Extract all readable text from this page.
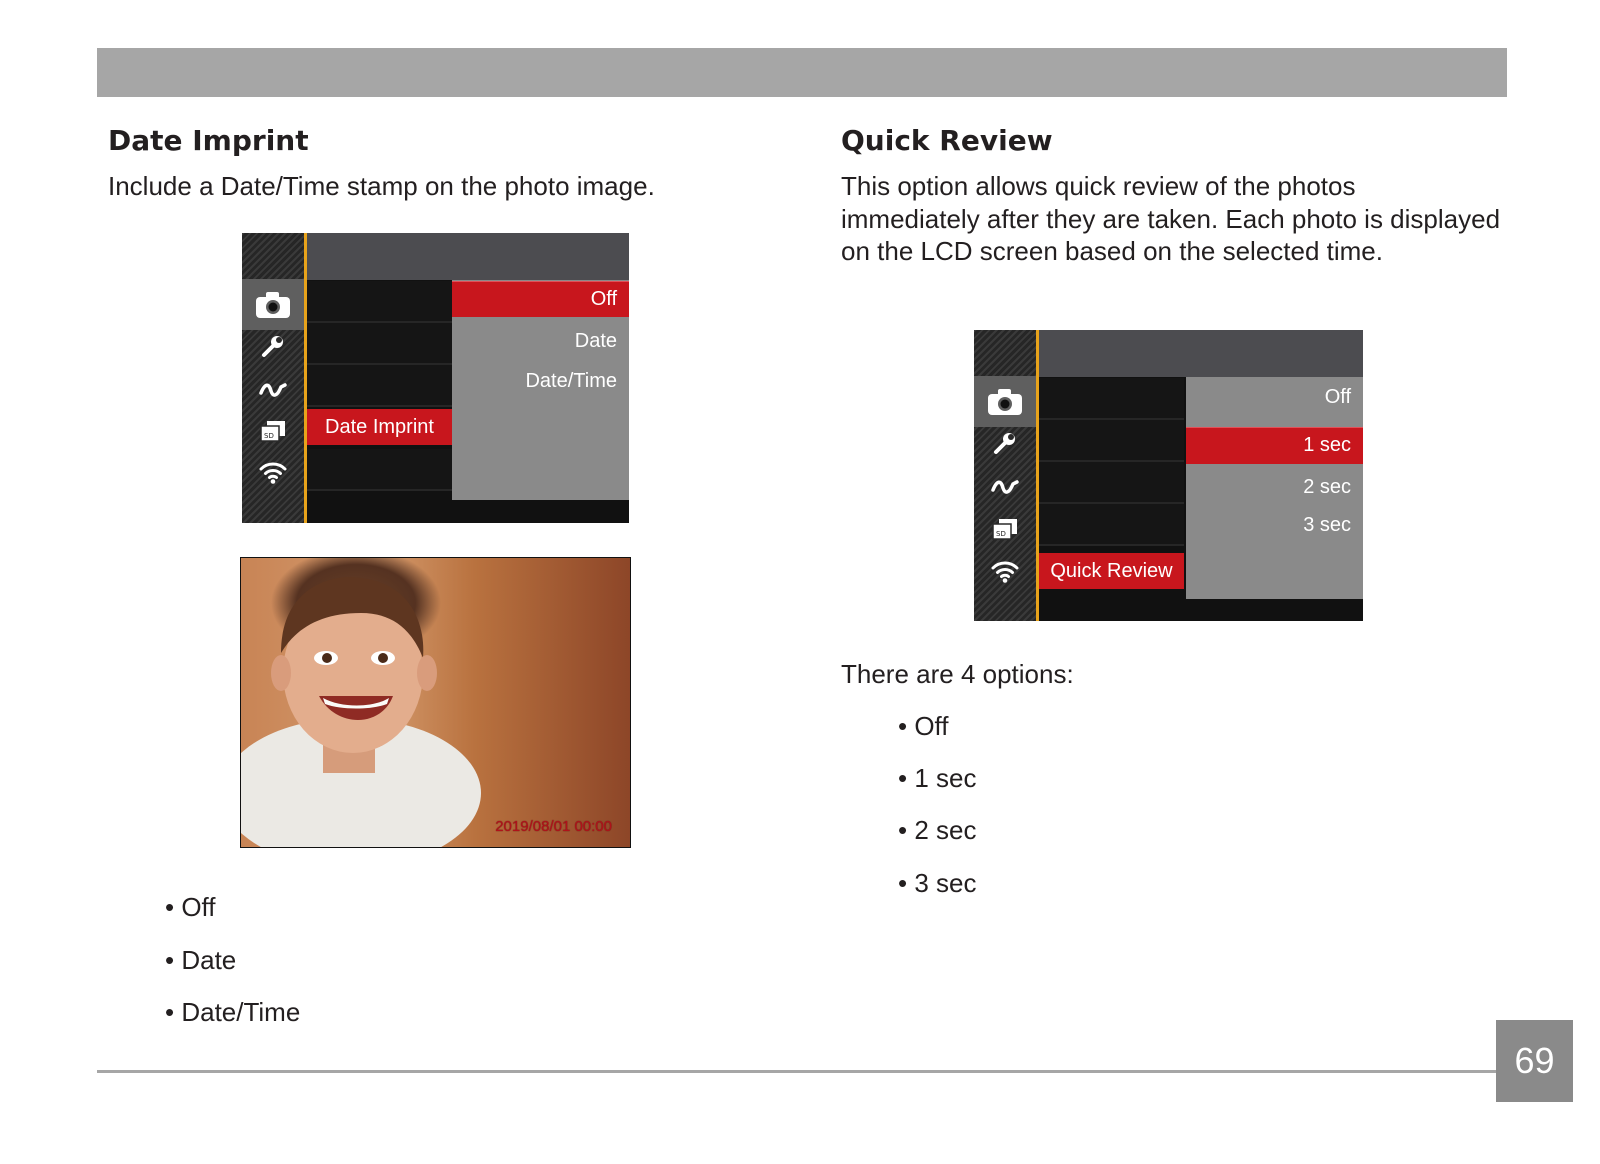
Date Imprint

Include a Date/Time stamp on the photo image.

SD	Date Imprint
Off
Date
Date/Time
2019/08/01 00:00
• Off
• Date
• Date/Time
Quick Review

This option allows quick review of the photos immediately after they are taken. Each photo is displayed on the LCD screen based on the selected time.

SD
Quick Review
Off
1 sec
2 sec
3 sec

There are 4 options:

• Off
• 1 sec
• 2 sec
• 3 sec
69
